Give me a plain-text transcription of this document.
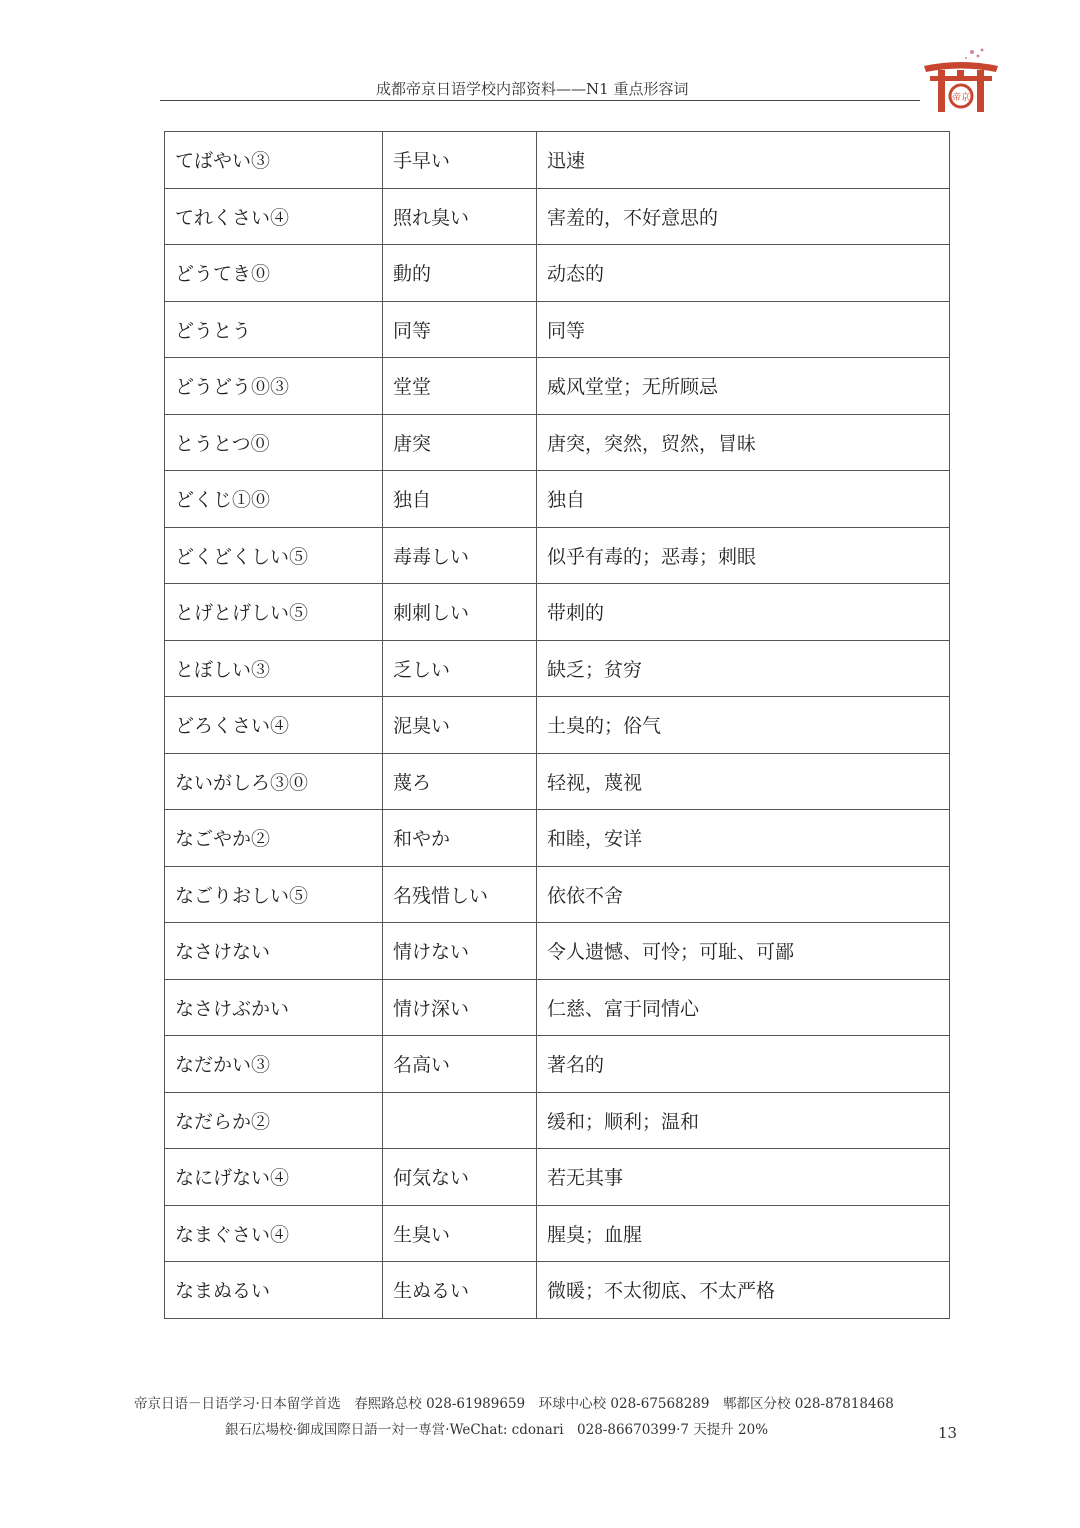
成都帝京日语学校内部资料——N1 重点形容词	帝京
てばやい③	手早い	迅速
てれくさい④	照れ臭い	害羞的，不好意思的
どうてき⓪	動的	动态的
どうとう	同等	同等
どうどう⓪③	堂堂	威风堂堂；无所顾忌
とうとつ⓪	唐突	唐突，突然，贸然，冒昧
どくじ①⓪	独自	独自
どくどくしい⑤	毒毒しい	似乎有毒的；恶毒；刺眼
とげとげしい⑤	刺刺しい	带刺的
とぼしい③	乏しい	缺乏；贫穷
どろくさい④	泥臭い	土臭的；俗气
ないがしろ③⓪	蔑ろ	轻视，蔑视
なごやか②	和やか	和睦，安详
なごりおしい⑤	名残惜しい	依依不舍
なさけない	情けない	令人遗憾、可怜；可耻、可鄙
なさけぶかい	情け深い	仁慈、富于同情心
なだかい③	名高い	著名的
なだらか②		缓和；顺利；温和
なにげない④	何気ない	若无其事
なまぐさい④	生臭い	腥臭；血腥
なまぬるい	生ぬるい	微暖；不太彻底、不太严格
帝京日语－日语学习·日本留学首选　春熙路总校 028-61989659　环球中心校 028-67568289　郫都区分校 028-87818468
銀石広場校·御成国際日語一対一専営·WeChat: cdonari　028-86670399·7 天提升 20%	13
